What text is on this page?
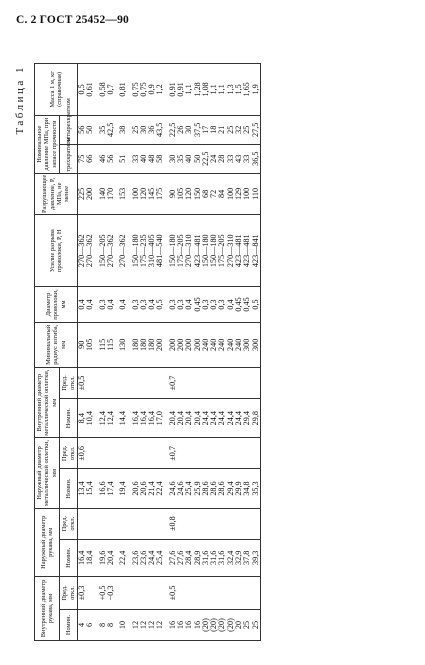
С. 2 ГОСТ 25452—90
Таблица 1
Внутренний диаметр рукава, мм		Наружный диаметр рукава, мм		Наружный диаметр металлической оплетки, мм		Внутренний диаметр металлической оплетки, мм		Минимальный радиус изгиба, мм	Диаметр проволоки, мм	Усилие разрыва проволоки, Р, Н	Разрушающее давление, Р, МПа, не менее	Номинальное давление МПа, при запасе прочности		Масса 1 м, кг (справочная)
Номин.	Пред. откл.	Номин.	Пред. откл.	Номин.	Пред. откл.	Номин.	Пред. откл.					трехкратном	четырехкратном	
4	±0,3	16,4		13,4	±0,6	8,4	±0,5	90	0,4	270—362	225	75	56	0,5
6		18,4		15,4		10,4		105	0,4	270—362	200	66	50	0,61

8	+0,5	19,6		16,6		12,4		115	0,3	150—205	140	46	35	0,58
8	−0,3	20,4		17,4		12,4		115	0,4	270—362	170	56	42,5	0,7

10		22,4		19,4		14,4		130	0,4	270—362	153	51	38	0,81

12		23,6		20,6		16,4		180	0,3	150—180	100	33	25	0,75
12		23,6		20,6		16,4		180	0,3	175—235	120	40	30	0,75
12		24,4		21,4		16,4		180	0,4	310—405	145	48	36	0,9
12		25,4		22,4		17,0		200	0,5	481—540	175	58	43,5	1,2

16	±0,5	27,6	±0,8	24,6	±0,7	20,4	±0,7	200	0,3	150—180	90	30	22,5	0,91
16		27,6		24,6		20,4		200	0,3	175—205	105	35	26	0,91
16		28,4		25,4		20,4		200	0,4	270—310	120	40	30	1,1
16		28,9		25,9		20,4		200	0,45	423—481	150	50	37,5	1,28
(20)		31,6		28,6		24,4		240	0,3	150—180	68	22,5	17	1,08
(20)		31,6		28,6		24,4		240	0,3	150—180	72	24	18	1,1
(20)		31,6		28,6		24,4		240	0,3	175—205	84	28	21	1,1
(20)		32,4		29,4		24,4		240	0,4	270—310	100	33	25	1,3
20		32,9		29,9		24,4		240	0,45	423—481	129	43	32	1,5
25		37,8		34,8		29,4		300	0,45	423—481	100	33	25	1,65
25		39,3		35,3		29,8		300	0,5	423—841	110	36,5	27,5	1,9
